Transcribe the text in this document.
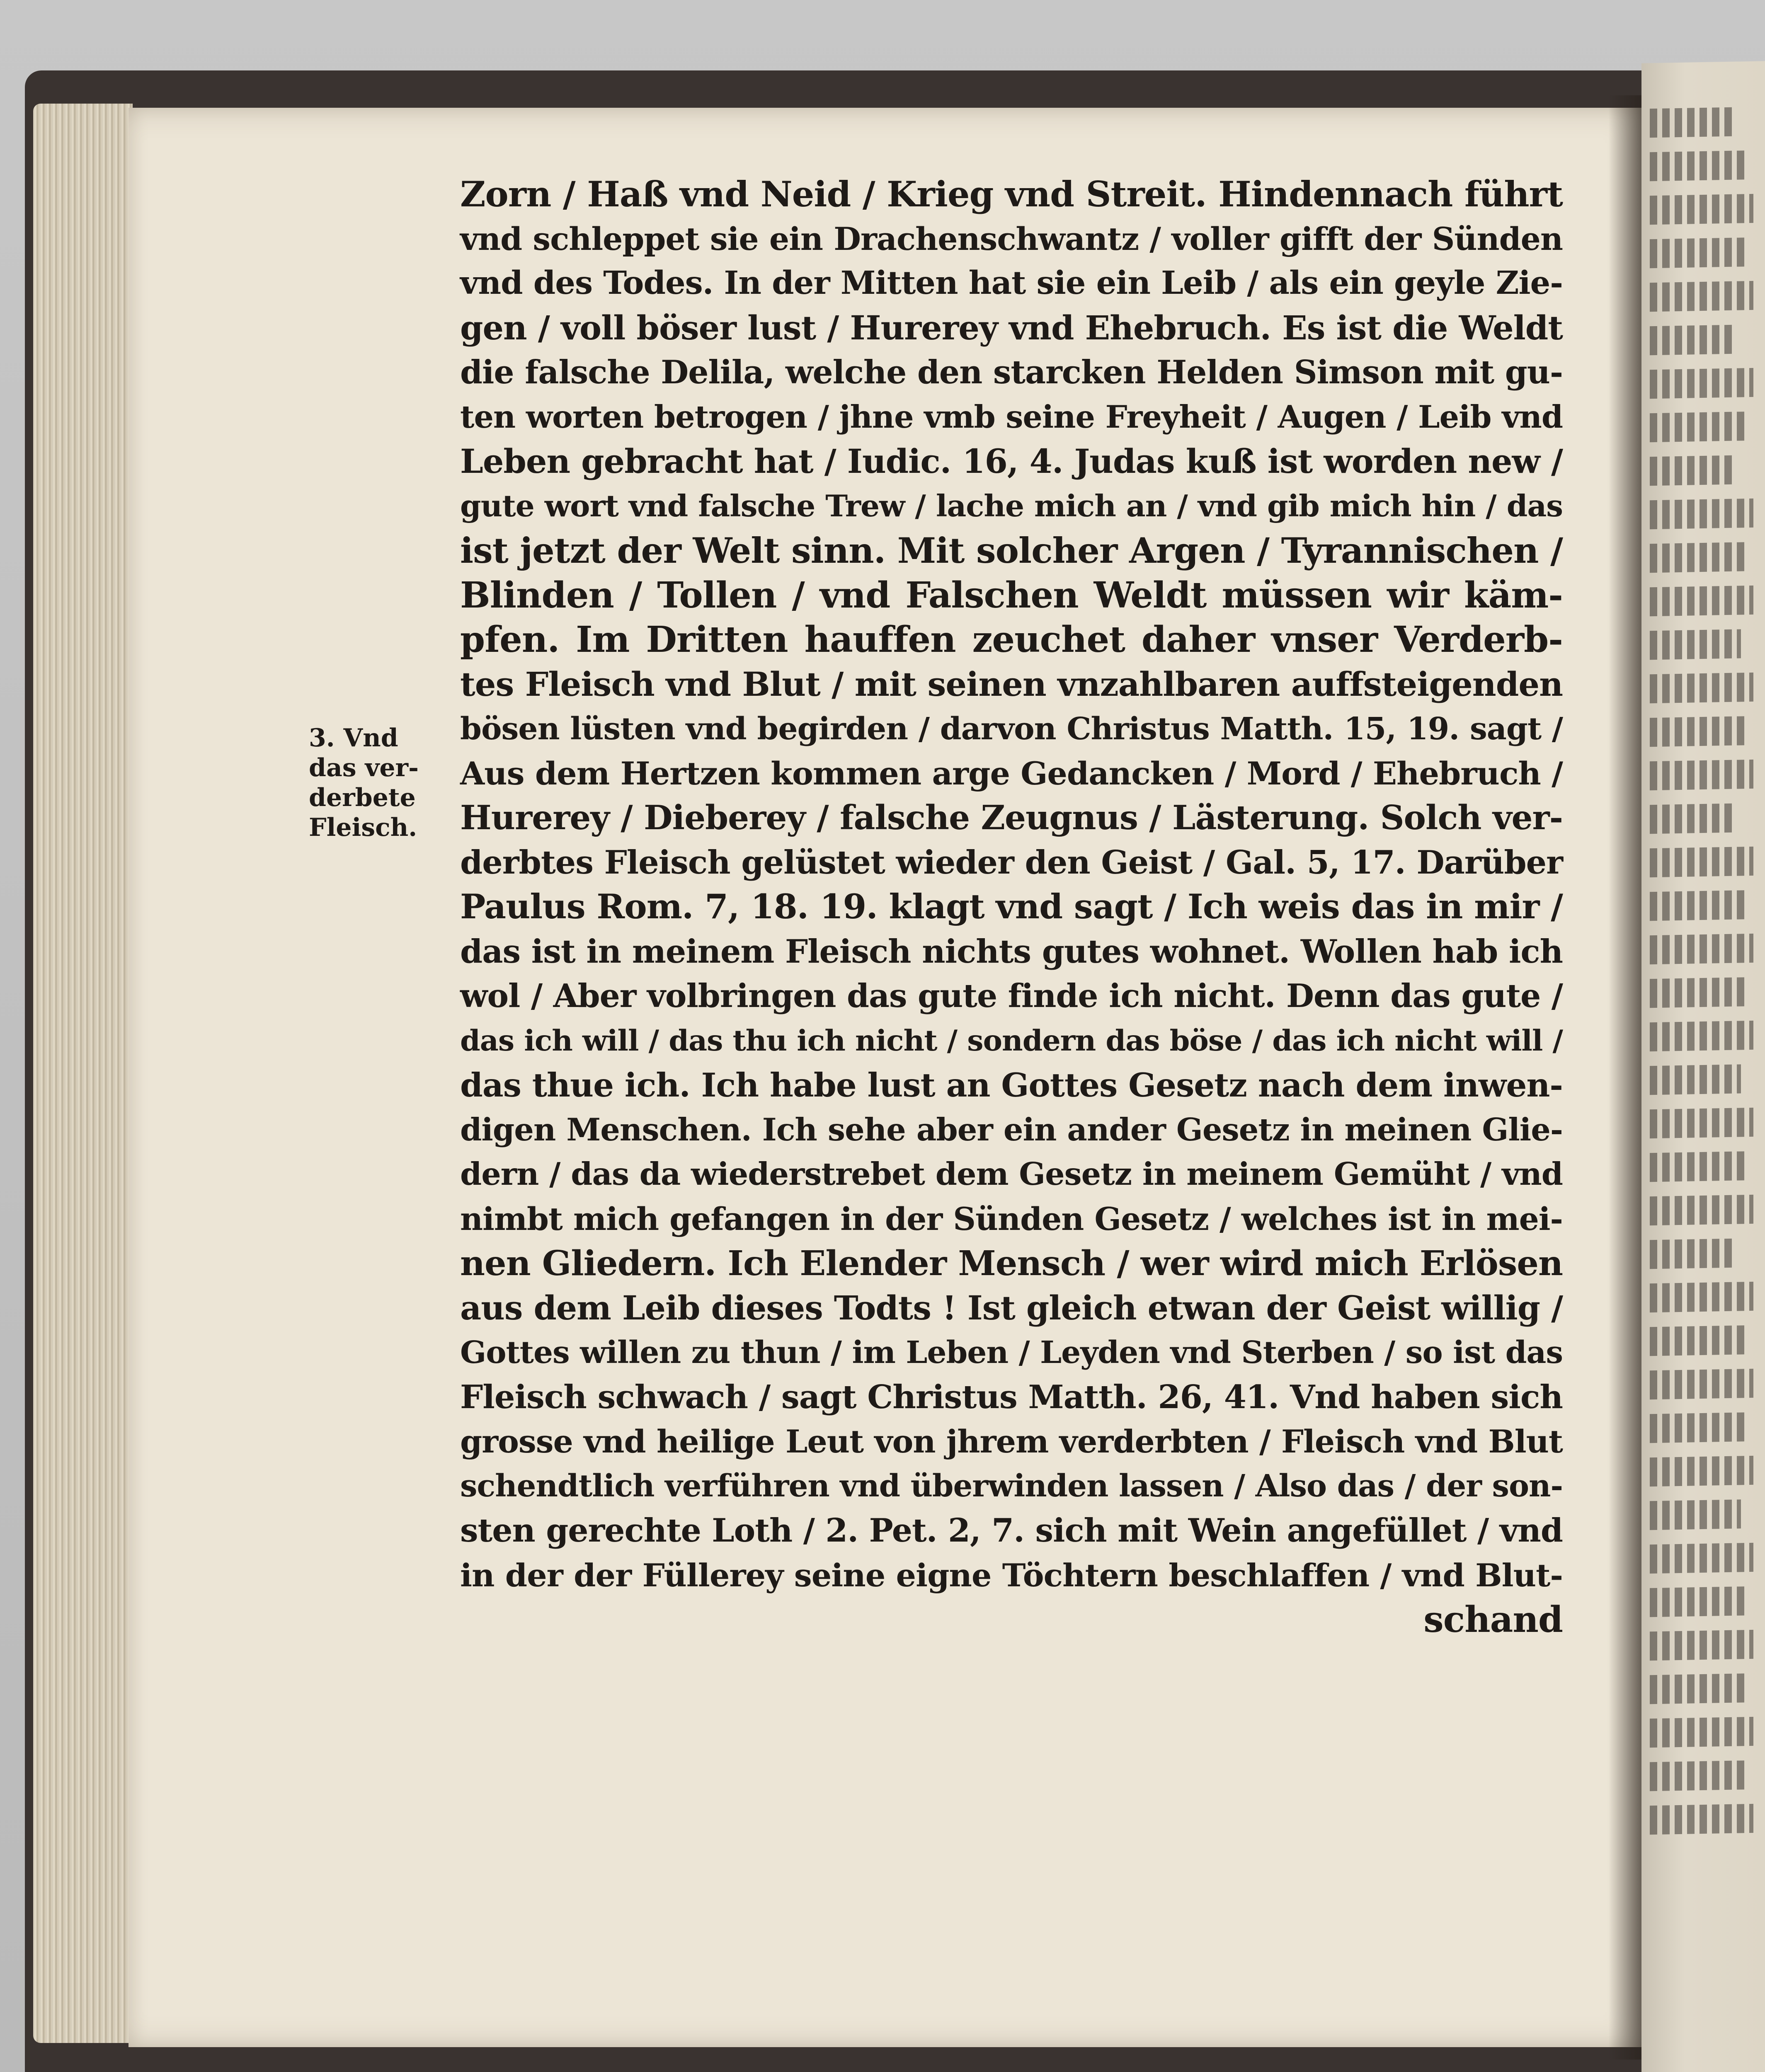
3. Vnd
das ver-
derbete
Fleisch.
Zorn / Haß vnd Neid / Krieg vnd Streit. Hindennach führt
vnd schleppet sie ein Drachenschwantz / voller gifft der Sünden
vnd des Todes. In der Mitten hat sie ein Leib / als ein geyle Zie-
gen / voll böser lust / Hurerey vnd Ehebruch. Es ist die Weldt
die falsche Delila, welche den starcken Helden Simson mit gu-
ten worten betrogen / jhne vmb seine Freyheit / Augen / Leib vnd
Leben gebracht hat / Iudic. 16, 4. Judas kuß ist worden new /
gute wort vnd falsche Trew / lache mich an / vnd gib mich hin / das
ist jetzt der Welt sinn. Mit solcher Argen / Tyrannischen /
Blinden / Tollen / vnd Falschen Weldt müssen wir käm-
pfen. Im Dritten hauffen zeuchet daher vnser Verderb-
tes Fleisch vnd Blut / mit seinen vnzahlbaren auffsteigenden
bösen lüsten vnd begirden / darvon Christus Matth. 15, 19. sagt /
Aus dem Hertzen kommen arge Gedancken / Mord / Ehebruch /
Hurerey / Dieberey / falsche Zeugnus / Lästerung. Solch ver-
derbtes Fleisch gelüstet wieder den Geist / Gal. 5, 17. Darüber
Paulus Rom. 7, 18. 19. klagt vnd sagt / Ich weis das in mir /
das ist in meinem Fleisch nichts gutes wohnet. Wollen hab ich
wol / Aber volbringen das gute finde ich nicht. Denn das gute /
das ich will / das thu ich nicht / sondern das böse / das ich nicht will /
das thue ich. Ich habe lust an Gottes Gesetz nach dem inwen-
digen Menschen. Ich sehe aber ein ander Gesetz in meinen Glie-
dern / das da wiederstrebet dem Gesetz in meinem Gemüht / vnd
nimbt mich gefangen in der Sünden Gesetz / welches ist in mei-
nen Gliedern. Ich Elender Mensch / wer wird mich Erlösen
aus dem Leib dieses Todts ! Ist gleich etwan der Geist willig /
Gottes willen zu thun / im Leben / Leyden vnd Sterben / so ist das
Fleisch schwach / sagt Christus Matth. 26, 41. Vnd haben sich
grosse vnd heilige Leut von jhrem verderbten / Fleisch vnd Blut
schendtlich verführen vnd überwinden lassen / Also das / der son-
sten gerechte Loth / 2. Pet. 2, 7. sich mit Wein angefüllet / vnd
in der der Füllerey seine eigne Töchtern beschlaffen / vnd Blut-
schand
